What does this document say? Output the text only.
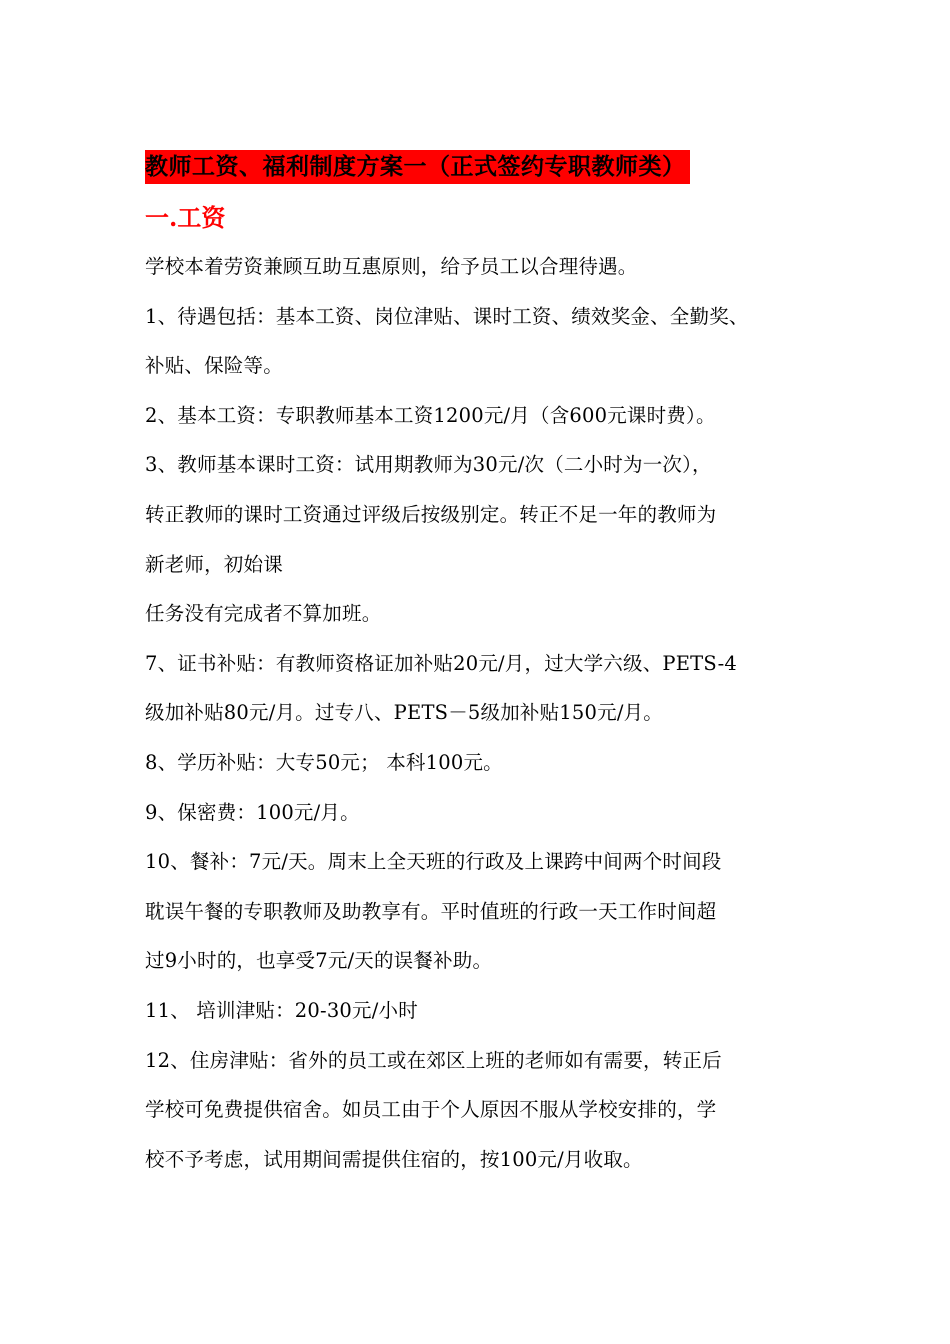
教师工资、福利制度方案一（正式签约专职教师类）
一.工资

学校本着劳资兼顾互助互惠原则，给予员工以合理待遇。

1、待遇包括：基本工资、岗位津贴、课时工资、绩效奖金、全勤奖、

补贴、保险等。

2、基本工资：专职教师基本工资1200元/月（含600元课时费）。

3、教师基本课时工资：试用期教师为30元/次（二小时为一次），

转正教师的课时工资通过评级后按级别定。转正不足一年的教师为

新老师，初始课

任务没有完成者不算加班。

7、证书补贴：有教师资格证加补贴20元/月，过大学六级、PETS-4

级加补贴80元/月。过专八、PETS－5级加补贴150元/月。

8、学历补贴：大专50元； 本科100元。

9、保密费：100元/月。

10、餐补：7元/天。周末上全天班的行政及上课跨中间两个时间段

耽误午餐的专职教师及助教享有。平时值班的行政一天工作时间超

过9小时的，也享受7元/天的误餐补助。

11、 培训津贴：20-30元/小时

12、住房津贴：省外的员工或在郊区上班的老师如有需要，转正后

学校可免费提供宿舍。如员工由于个人原因不服从学校安排的，学

校不予考虑，试用期间需提供住宿的，按100元/月收取。
